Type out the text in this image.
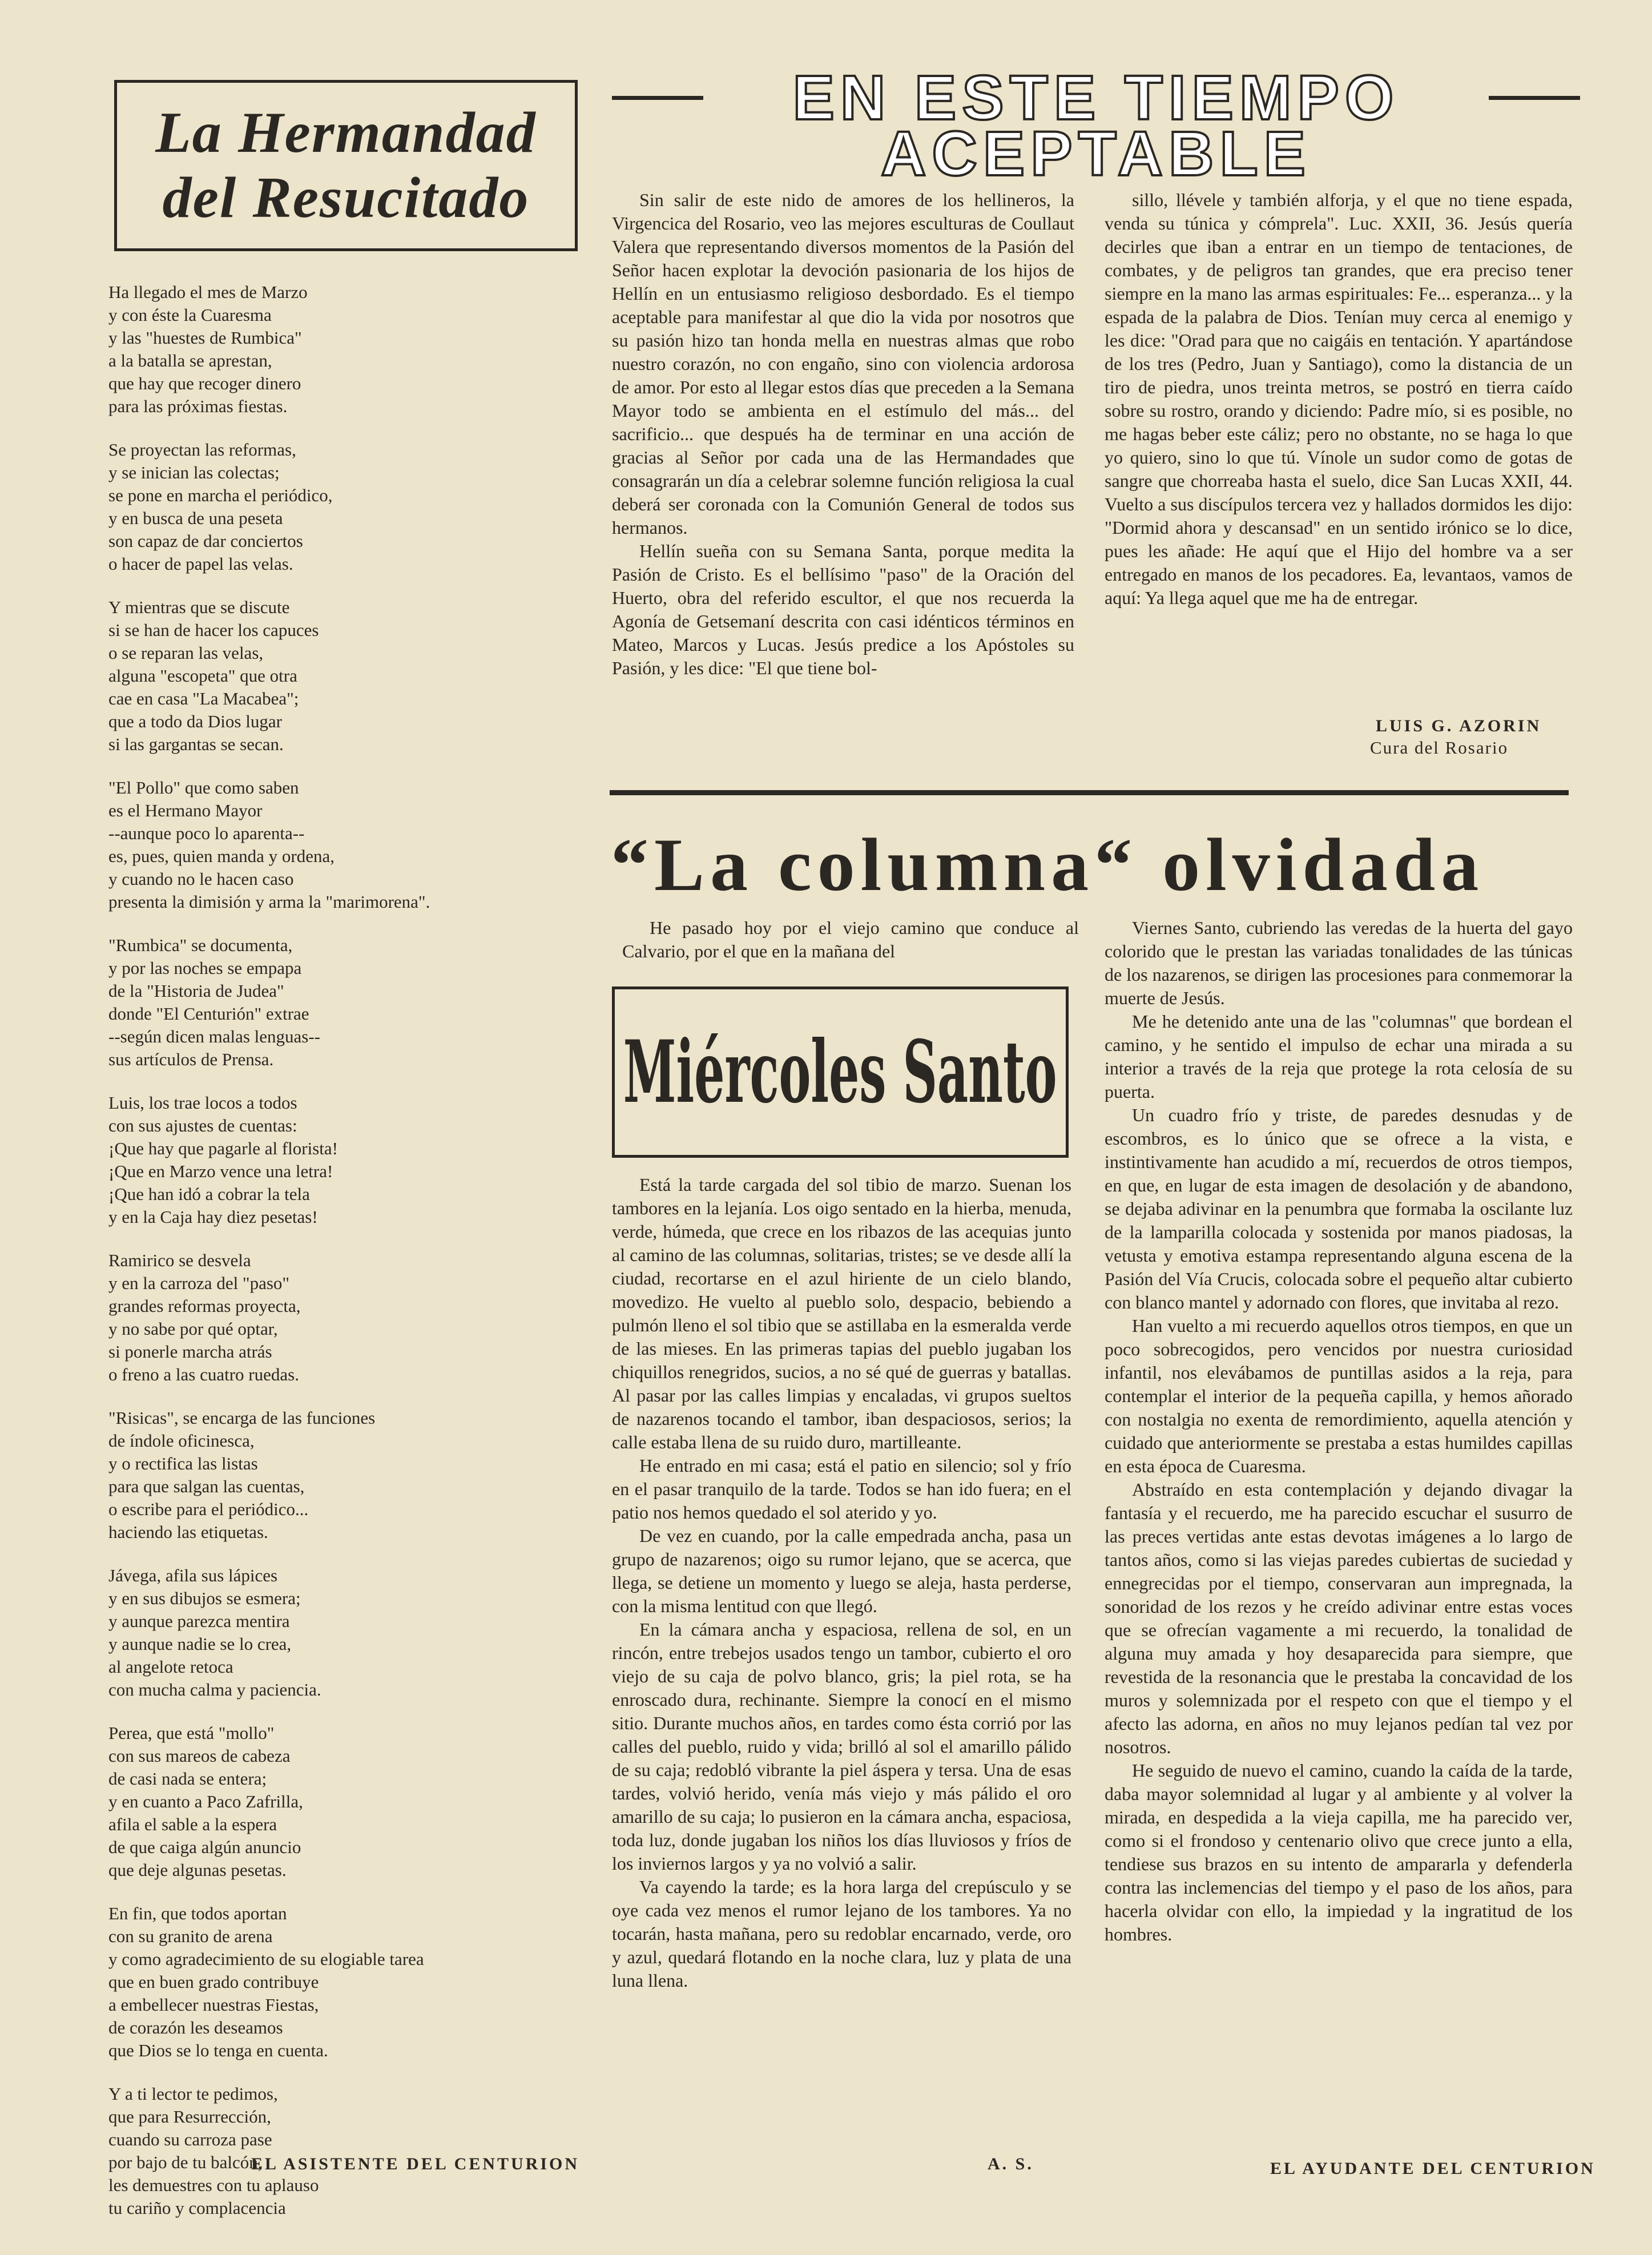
La Hermandad
del Resucitado
Ha llegado el mes de Marzo
y con éste la Cuaresma
y las "huestes de Rumbica"
a la batalla se aprestan,
que hay que recoger dinero
para las próximas fiestas.
Se proyectan las reformas,
y se inician las colectas;
se pone en marcha el periódico,
y en busca de una peseta
son capaz de dar conciertos
o hacer de papel las velas.
Y mientras que se discute
si se han de hacer los capuces
o se reparan las velas,
alguna "escopeta" que otra
cae en casa "La Macabea";
que a todo da Dios lugar
si las gargantas se secan.
"El Pollo" que como saben
es el Hermano Mayor
--aunque poco lo aparenta--
es, pues, quien manda y ordena,
y cuando no le hacen caso
presenta la dimisión y arma la "marimorena".
"Rumbica" se documenta,
y por las noches se empapa
de la "Historia de Judea"
donde "El Centurión" extrae
--según dicen malas lenguas--
sus artículos de Prensa.
Luis, los trae locos a todos
con sus ajustes de cuentas:
¡Que hay que pagarle al florista!
¡Que en Marzo vence una letra!
¡Que han idó a cobrar la tela
y en la Caja hay diez pesetas!
Ramirico se desvela
y en la carroza del "paso"
grandes reformas proyecta,
y no sabe por qué optar,
si ponerle marcha atrás
o freno a las cuatro ruedas.
"Risicas", se encarga de las funciones
de índole oficinesca,
y o rectifica las listas
para que salgan las cuentas,
o escribe para el periódico...
haciendo las etiquetas.
Jávega, afila sus lápices
y en sus dibujos se esmera;
y aunque parezca mentira
y aunque nadie se lo crea,
al angelote retoca
con mucha calma y paciencia.
Perea, que está "mollo"
con sus mareos de cabeza
de casi nada se entera;
y en cuanto a Paco Zafrilla,
afila el sable a la espera
de que caiga algún anuncio
que deje algunas pesetas.
En fin, que todos aportan
con su granito de arena
y como agradecimiento de su elogiable tarea
que en buen grado contribuye
a embellecer nuestras Fiestas,
de corazón les deseamos
que Dios se lo tenga en cuenta.
Y a ti lector te pedimos,
que para Resurrección,
cuando su carroza pase
por bajo de tu balcón,
les demuestres con tu aplauso
tu cariño y complacencia
EL ASISTENTE DEL CENTURION
EN ESTE TIEMPO
ACEPTABLE

Sin salir de este nido de amores de los hellineros, la Virgencica del Rosario, veo las mejores esculturas de Coullaut Valera que representando diversos momentos de la Pasión del Señor hacen explotar la devoción pasionaria de los hijos de Hellín en un entusiasmo religioso desbordado. Es el tiempo aceptable para manifestar al que dio la vida por nosotros que su pasión hizo tan honda mella en nuestras almas que robo nuestro corazón, no con engaño, sino con violencia ardorosa de amor. Por esto al llegar estos días que preceden a la Semana Mayor todo se ambienta en el estímulo del más... del sacrificio... que después ha de terminar en una acción de gracias al Señor por cada una de las Hermandades que consagrarán un día a celebrar solemne función religiosa la cual deberá ser coronada con la Comunión General de todos sus hermanos.

Hellín sueña con su Semana Santa, porque medita la Pasión de Cristo. Es el bellísimo "paso" de la Oración del Huerto, obra del referido escultor, el que nos recuerda la Agonía de Getsemaní descrita con casi idénticos términos en Mateo, Marcos y Lucas. Jesús predice a los Apóstoles su Pasión, y les dice: "El que tiene bol-

sillo, llévele y también alforja, y el que no tiene espada, venda su túnica y cómprela". Luc. XXII, 36. Jesús quería decirles que iban a entrar en un tiempo de tentaciones, de combates, y de peligros tan grandes, que era preciso tener siempre en la mano las armas espirituales: Fe... esperanza... y la espada de la palabra de Dios. Tenían muy cerca al enemigo y les dice: "Orad para que no caigáis en tentación. Y apartándose de los tres (Pedro, Juan y Santiago), como la distancia de un tiro de piedra, unos treinta metros, se postró en tierra caído sobre su rostro, orando y diciendo: Padre mío, si es posible, no me hagas beber este cáliz; pero no obstante, no se haga lo que yo quiero, sino lo que tú. Vínole un sudor como de gotas de sangre que chorreaba hasta el suelo, dice San Lucas XXII, 44. Vuelto a sus discípulos tercera vez y hallados dormidos les dijo: "Dormid ahora y descansad" en un sentido irónico se lo dice, pues les añade: He aquí que el Hijo del hombre va a ser entregado en manos de los pecadores. Ea, levantaos, vamos de aquí: Ya llega aquel que me ha de entregar.

LUIS G. AZORIN
Cura del Rosario
“La columna“ olvidada
He pasado hoy por el viejo camino que conduce al Calvario, por el que en la mañana del

Viernes Santo, cubriendo las veredas de la huerta del gayo colorido que le prestan las variadas tonalidades de las túnicas de los nazarenos, se dirigen las procesiones para conmemorar la muerte de Jesús.

Me he detenido ante una de las "columnas" que bordean el camino, y he sentido el impulso de echar una mirada a su interior a través de la reja que protege la rota celosía de su puerta.

Un cuadro frío y triste, de paredes desnudas y de escombros, es lo único que se ofrece a la vista, e instintivamente han acudido a mí, recuerdos de otros tiempos, en que, en lugar de esta imagen de desolación y de abandono, se dejaba adivinar en la penumbra que formaba la oscilante luz de la lamparilla colocada y sostenida por manos piadosas, la vetusta y emotiva estampa representando alguna escena de la Pasión del Vía Crucis, colocada sobre el pequeño altar cubierto con blanco mantel y adornado con flores, que invitaba al rezo.

Han vuelto a mi recuerdo aquellos otros tiempos, en que un poco sobrecogidos, pero vencidos por nuestra curiosidad infantil, nos elevábamos de puntillas asidos a la reja, para contemplar el interior de la pequeña capilla, y hemos añorado con nostalgia no exenta de remordimiento, aquella atención y cuidado que anteriormente se prestaba a estas humildes capillas en esta época de Cuaresma.

Abstraído en esta contemplación y dejando divagar la fantasía y el recuerdo, me ha parecido escuchar el susurro de las preces vertidas ante estas devotas imágenes a lo largo de tantos años, como si las viejas paredes cubiertas de suciedad y ennegrecidas por el tiempo, conservaran aun impregnada, la sonoridad de los rezos y he creído adivinar entre estas voces que se ofrecían vagamente a mi recuerdo, la tonalidad de alguna muy amada y hoy desaparecida para siempre, que revestida de la resonancia que le prestaba la concavidad de los muros y solemnizada por el respeto con que el tiempo y el afecto las adorna, en años no muy lejanos pedían tal vez por nosotros.

He seguido de nuevo el camino, cuando la caída de la tarde, daba mayor solemnidad al lugar y al ambiente y al volver la mirada, en despedida a la vieja capilla, me ha parecido ver, como si el frondoso y centenario olivo que crece junto a ella, tendiese sus brazos en su intento de ampararla y defenderla contra las inclemencias del tiempo y el paso de los años, para hacerla olvidar con ello, la impiedad y la ingratitud de los hombres.

EL AYUDANTE DEL CENTURION
Miércoles Santo

Está la tarde cargada del sol tibio de marzo. Suenan los tambores en la lejanía. Los oigo sentado en la hierba, menuda, verde, húmeda, que crece en los ribazos de las acequias junto al camino de las columnas, solitarias, tristes; se ve desde allí la ciudad, recortarse en el azul hiriente de un cielo blando, movedizo. He vuelto al pueblo solo, despacio, bebiendo a pulmón lleno el sol tibio que se astillaba en la esmeralda verde de las mieses. En las primeras tapias del pueblo jugaban los chiquillos renegridos, sucios, a no sé qué de guerras y batallas. Al pasar por las calles limpias y encaladas, vi grupos sueltos de nazarenos tocando el tambor, iban despaciosos, serios; la calle estaba llena de su ruido duro, martilleante.

He entrado en mi casa; está el patio en silencio; sol y frío en el pasar tranquilo de la tarde. Todos se han ido fuera; en el patio nos hemos quedado el sol aterido y yo.

De vez en cuando, por la calle empedrada ancha, pasa un grupo de nazarenos; oigo su rumor lejano, que se acerca, que llega, se detiene un momento y luego se aleja, hasta perderse, con la misma lentitud con que llegó.

En la cámara ancha y espaciosa, rellena de sol, en un rincón, entre trebejos usados tengo un tambor, cubierto el oro viejo de su caja de polvo blanco, gris; la piel rota, se ha enroscado dura, rechinante. Siempre la conocí en el mismo sitio. Durante muchos años, en tardes como ésta corrió por las calles del pueblo, ruido y vida; brilló al sol el amarillo pálido de su caja; redobló vibrante la piel áspera y tersa. Una de esas tardes, volvió herido, venía más viejo y más pálido el oro amarillo de su caja; lo pusieron en la cámara ancha, espaciosa, toda luz, donde jugaban los niños los días lluviosos y fríos de los inviernos largos y ya no volvió a salir.

Va cayendo la tarde; es la hora larga del crepúsculo y se oye cada vez menos el rumor lejano de los tambores. Ya no tocarán, hasta mañana, pero su redoblar encarnado, verde, oro y azul, quedará flotando en la noche clara, luz y plata de una luna llena.

A. S.
